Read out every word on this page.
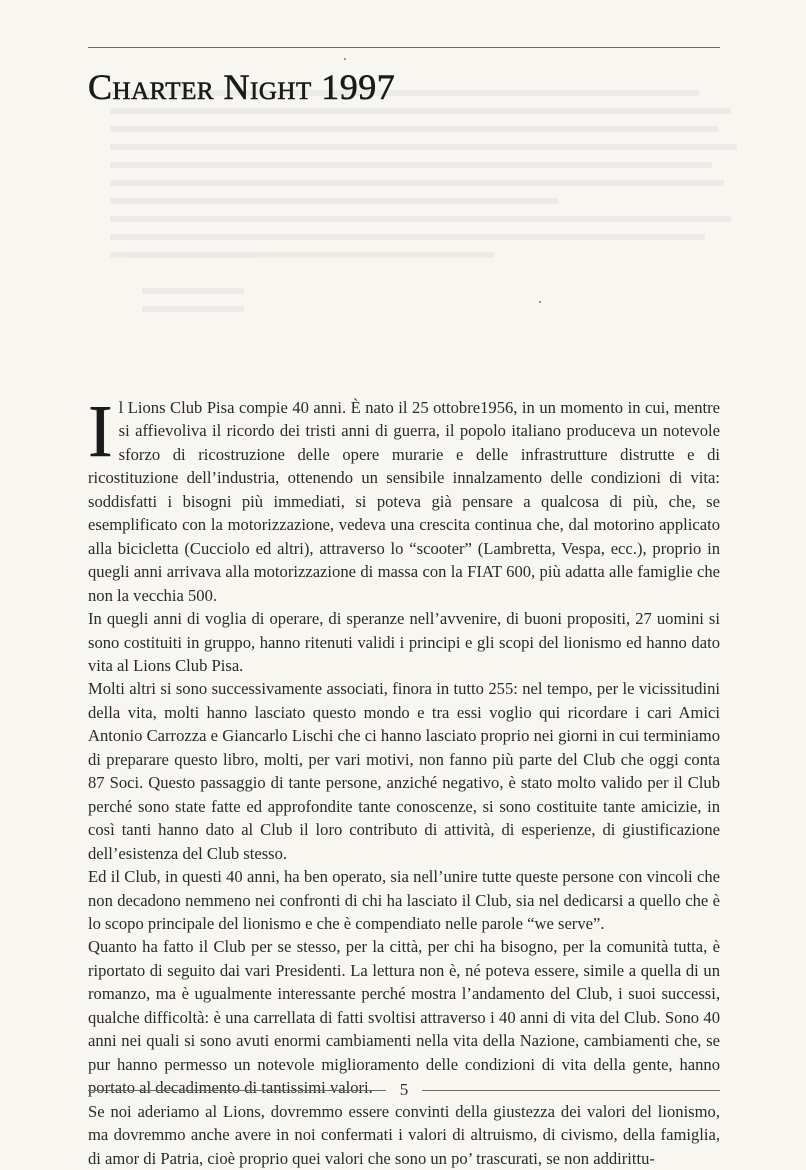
Charter Night 1997

Il Lions Club Pisa compie 40 anni. È nato il 25 ottobre1956, in un momento in cui, mentre si affievoliva il ricordo dei tristi anni di guerra, il popolo italiano produceva un notevole sforzo di ricostruzione delle opere murarie e delle infrastrutture distrutte e di ricostituzione dell’industria, ottenendo un sensibile innalzamento delle condizioni di vita: soddisfatti i bisogni più immediati, si poteva già pensare a qualcosa di più, che, se esemplificato con la motorizzazione, vedeva una crescita continua che, dal motorino applicato alla bicicletta (Cucciolo ed altri), attraverso lo “scooter” (Lambretta, Vespa, ecc.), proprio in quegli anni arrivava alla motorizzazione di massa con la FIAT 600, più adatta alle famiglie che non la vecchia 500.

In quegli anni di voglia di operare, di speranze nell’avvenire, di buoni propositi, 27 uomini si sono costituiti in gruppo, hanno ritenuti validi i principi e gli scopi del lionismo ed hanno dato vita al Lions Club Pisa.

Molti altri si sono successivamente associati, finora in tutto 255: nel tempo, per le vicissitudini della vita, molti hanno lasciato questo mondo e tra essi voglio qui ricordare i cari Amici Antonio Carrozza e Giancarlo Lischi che ci hanno lasciato proprio nei giorni in cui terminiamo di preparare questo libro, molti, per vari motivi, non fanno più parte del Club che oggi conta 87 Soci. Questo passaggio di tante persone, anziché negativo, è stato molto valido per il Club perché sono state fatte ed approfondite tante conoscenze, si sono costituite tante amicizie, in così tanti hanno dato al Club il loro contributo di attività, di esperienze, di giustificazione dell’esistenza del Club stesso.

Ed il Club, in questi 40 anni, ha ben operato, sia nell’unire tutte queste persone con vincoli che non decadono nemmeno nei confronti di chi ha lasciato il Club, sia nel dedicarsi a quello che è lo scopo principale del lionismo e che è compendiato nelle parole “we serve”.

Quanto ha fatto il Club per se stesso, per la città, per chi ha bisogno, per la comunità tutta, è riportato di seguito dai vari Presidenti. La lettura non è, né poteva essere, simile a quella di un romanzo, ma è ugualmente interessante perché mostra l’andamento del Club, i suoi successi, qualche difficoltà: è una carrellata di fatti svoltisi attraverso i 40 anni di vita del Club. Sono 40 anni nei quali si sono avuti enormi cambiamenti nella vita della Nazione, cambiamenti che, se pur hanno permesso un notevole miglioramento delle condizioni di vita della gente, hanno portato al decadimento di tantissimi valori.

Se noi aderiamo al Lions, dovremmo essere convinti della giustezza dei valori del lionismo, ma dovremmo anche avere in noi confermati i valori di altruismo, di civismo, della famiglia, di amor di Patria, cioè proprio quei valori che sono un po’ trascurati, se non addirittu-

5
